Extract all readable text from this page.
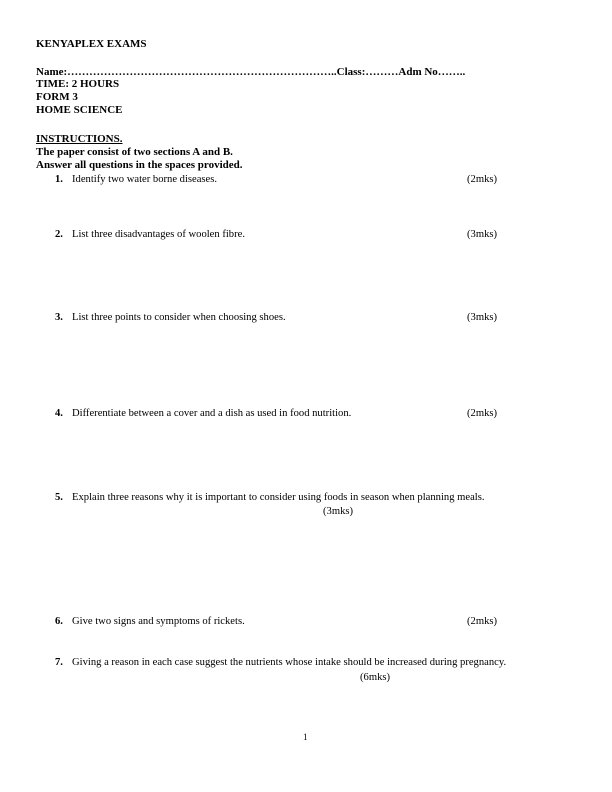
KENYAPLEX EXAMS
Name:………………………………………………………………..Class:………Adm No……..
TIME: 2 HOURS
FORM 3
HOME SCIENCE
INSTRUCTIONS.
The paper consist of two sections A and B.
Answer all questions in the spaces provided.
1. Identify two water borne diseases.	(2mks)
2. List three disadvantages of woolen fibre.	(3mks)
3. List three points to consider when choosing shoes.	(3mks)
4. Differentiate between a cover and a dish as used in food nutrition.	(2mks)
5. Explain three reasons why it is important to consider using foods in season when planning meals.
(3mks)
6. Give two signs and symptoms of rickets.	(2mks)
7. Giving a reason in each case suggest the nutrients whose intake should be increased during pregnancy.
(6mks)
1
